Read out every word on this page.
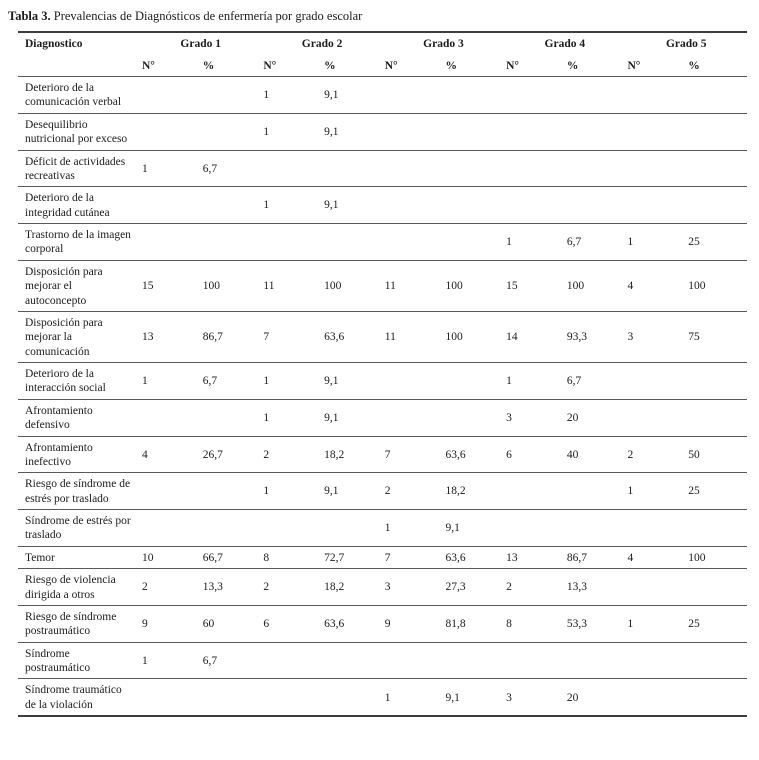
Tabla 3. Prevalencias de Diagnósticos de enfermería por grado escolar

Diagnostico	Grado 1		Grado 2		Grado 3		Grado 4		Grado 5	
	N°	%	N°	%	N°	%	N°	%	N°	%
Deterioro de la comunicación verbal			1	9,1						
Desequilibrio nutricional por exceso			1	9,1						
Déficit de actividades recreativas	1	6,7								
Deterioro de la integridad cutánea			1	9,1						
Trastorno de la imagen corporal							1	6,7	1	25
Disposición para mejorar el autoconcepto	15	100	11	100	11	100	15	100	4	100
Disposición para mejorar la comunicación	13	86,7	7	63,6	11	100	14	93,3	3	75
Deterioro de la interacción social	1	6,7	1	9,1			1	6,7		
Afrontamiento defensivo			1	9,1			3	20		
Afrontamiento inefectivo	4	26,7	2	18,2	7	63,6	6	40	2	50
Riesgo de síndrome de estrés por traslado			1	9,1	2	18,2			1	25
Síndrome de estrés por traslado					1	9,1				
Temor	10	66,7	8	72,7	7	63,6	13	86,7	4	100
Riesgo de violencia dirigida a otros	2	13,3	2	18,2	3	27,3	2	13,3		
Riesgo de síndrome postraumático	9	60	6	63,6	9	81,8	8	53,3	1	25
Síndrome postraumático	1	6,7								
Síndrome traumático de la violación					1	9,1	3	20		
